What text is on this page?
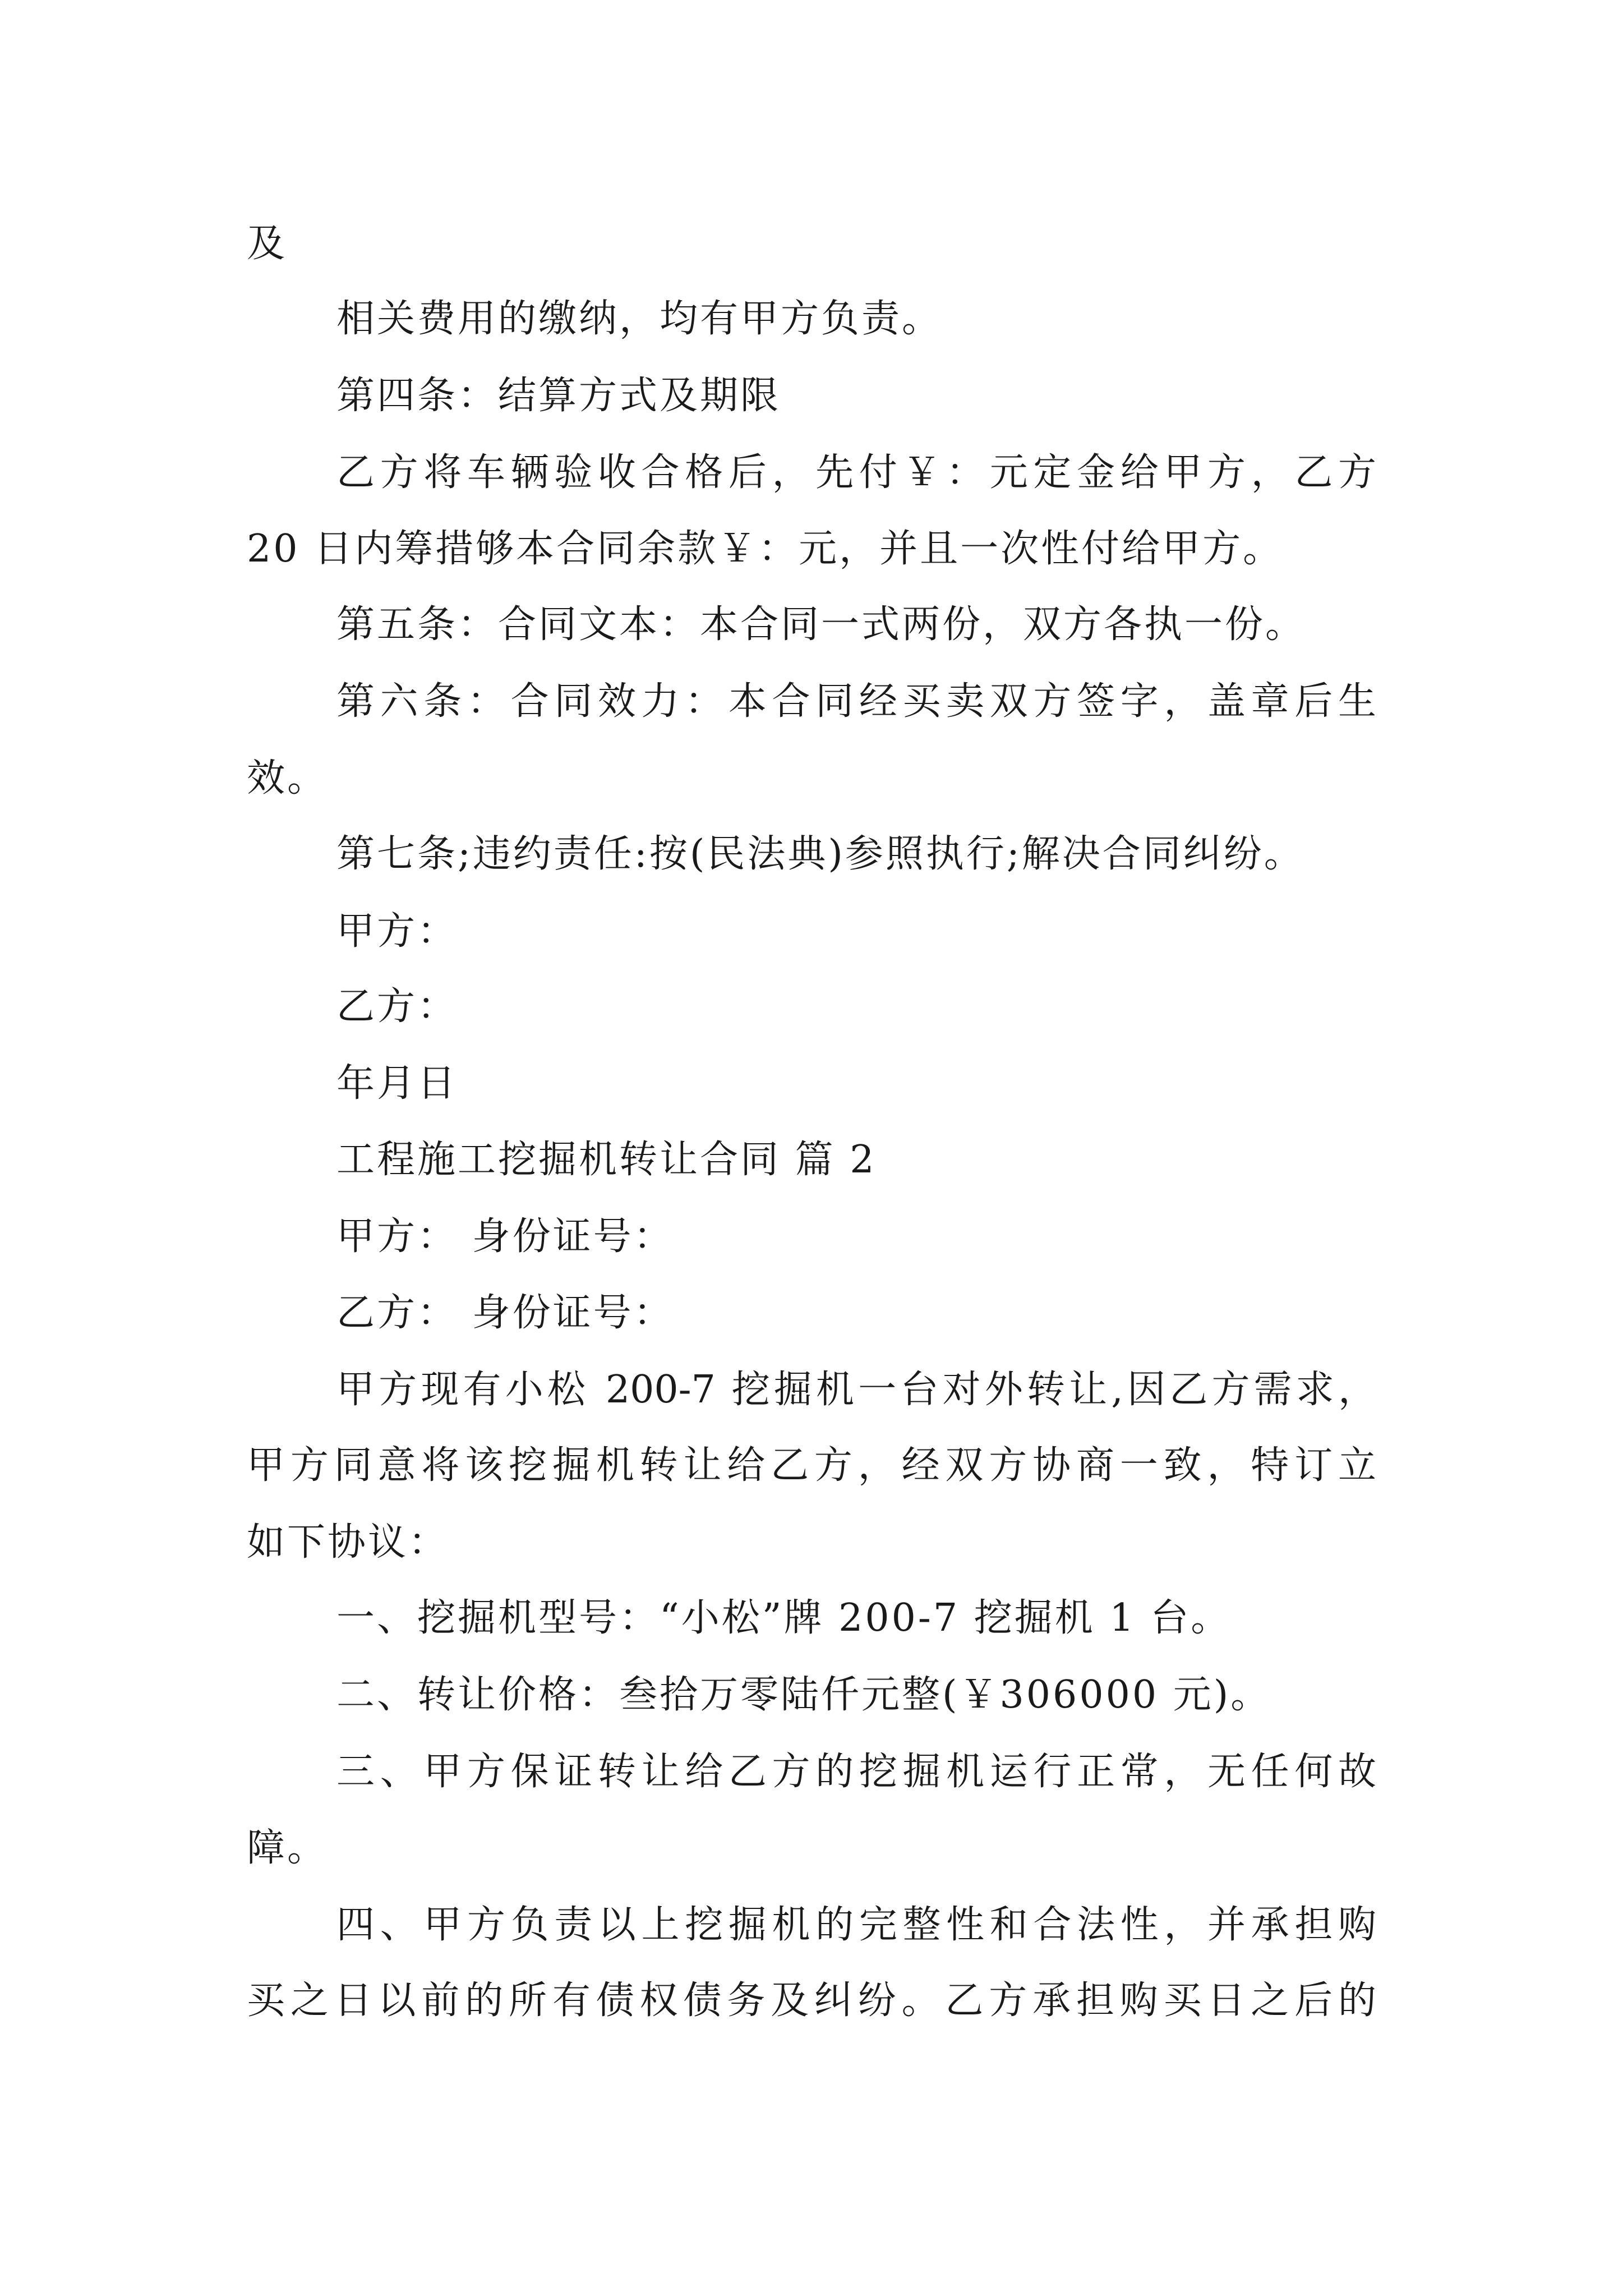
及
相关费用的缴纳，均有甲方负责。
第四条：结算方式及期限
乙方将车辆验收合格后，先付￥：元定金给甲方，乙方
20 日内筹措够本合同余款￥：元，并且一次性付给甲方。
第五条：合同文本：本合同一式两份，双方各执一份。
第六条：合同效力：本合同经买卖双方签字，盖章后生
效。
第七条;违约责任:按(民法典)参照执行;解决合同纠纷。
甲方：
乙方：
年月日
工程施工挖掘机转让合同 篇 2
甲方： 身份证号：
乙方： 身份证号：
甲方现有小松 200-7 挖掘机一台对外转让,因乙方需求，
甲方同意将该挖掘机转让给乙方，经双方协商一致，特订立
如下协议：
一、挖掘机型号：“小松”牌 200-7 挖掘机 1 台。
二、转让价格：叁拾万零陆仟元整(￥306000 元)。
三、甲方保证转让给乙方的挖掘机运行正常，无任何故
障。
四、甲方负责以上挖掘机的完整性和合法性，并承担购
买之日以前的所有债权债务及纠纷。乙方承担购买日之后的
